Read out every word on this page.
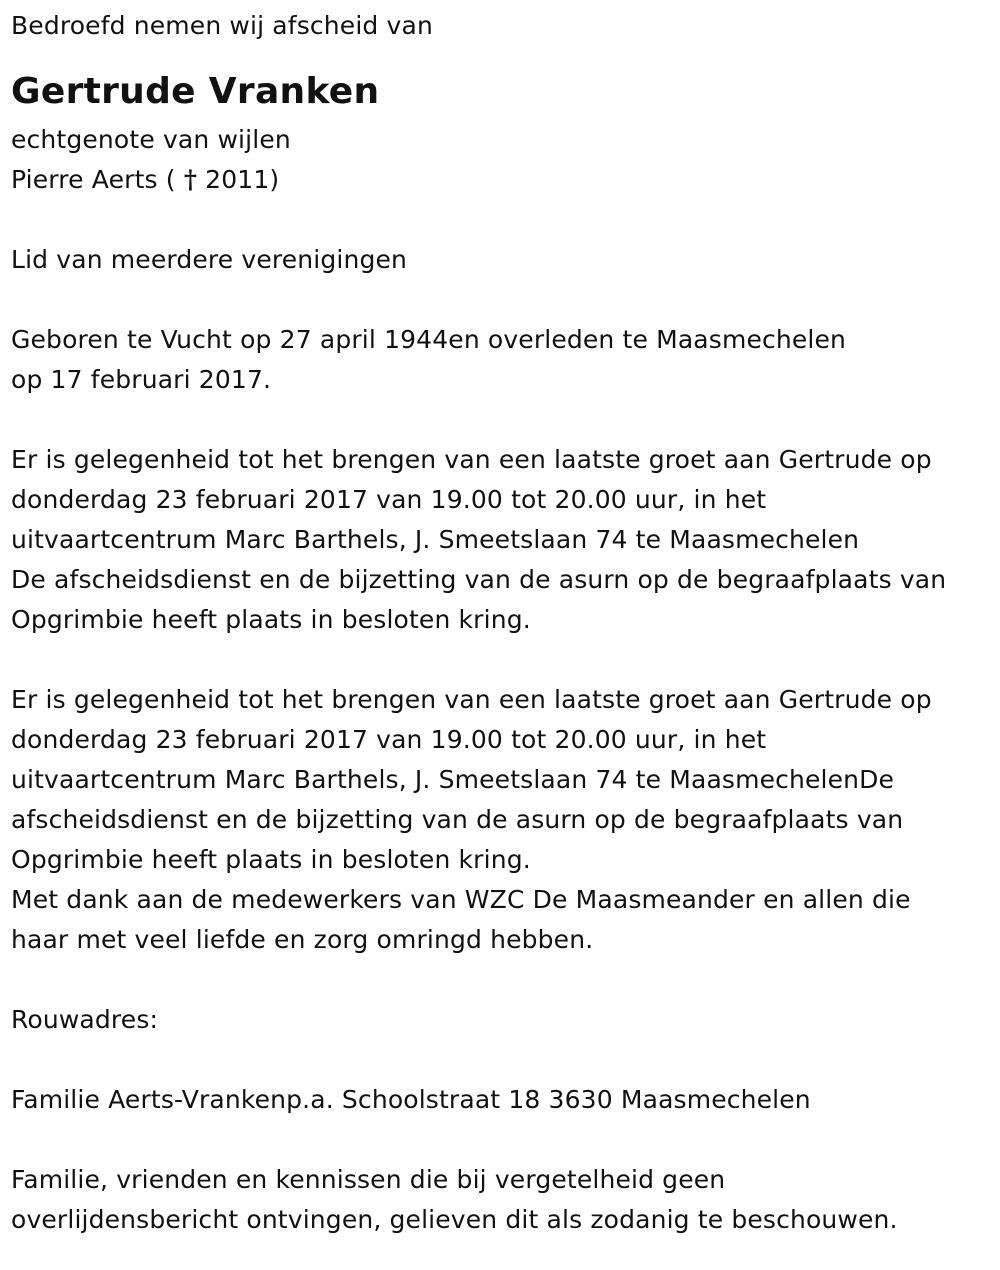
Bedroefd nemen wij afscheid van
Gertrude Vranken
echtgenote van wijlen
Pierre Aerts ( † 2011)
Lid van meerdere verenigingen
Geboren te Vucht op 27 april 1944en overleden te Maasmechelen
op 17 februari 2017.
Er is gelegenheid tot het brengen van een laatste groet aan Gertrude op
donderdag 23 februari 2017 van 19.00 tot 20.00 uur, in het
uitvaartcentrum Marc Barthels, J. Smeetslaan 74 te Maasmechelen
De afscheidsdienst en de bijzetting van de asurn op de begraafplaats van
Opgrimbie heeft plaats in besloten kring.
Er is gelegenheid tot het brengen van een laatste groet aan Gertrude op
donderdag 23 februari 2017 van 19.00 tot 20.00 uur, in het
uitvaartcentrum Marc Barthels, J. Smeetslaan 74 te MaasmechelenDe
afscheidsdienst en de bijzetting van de asurn op de begraafplaats van
Opgrimbie heeft plaats in besloten kring.
Met dank aan de medewerkers van WZC De Maasmeander en allen die
haar met veel liefde en zorg omringd hebben.
Rouwadres:
Familie Aerts-Vrankenp.a. Schoolstraat 18 3630 Maasmechelen
Familie, vrienden en kennissen die bij vergetelheid geen
overlijdensbericht ontvingen, gelieven dit als zodanig te beschouwen.
